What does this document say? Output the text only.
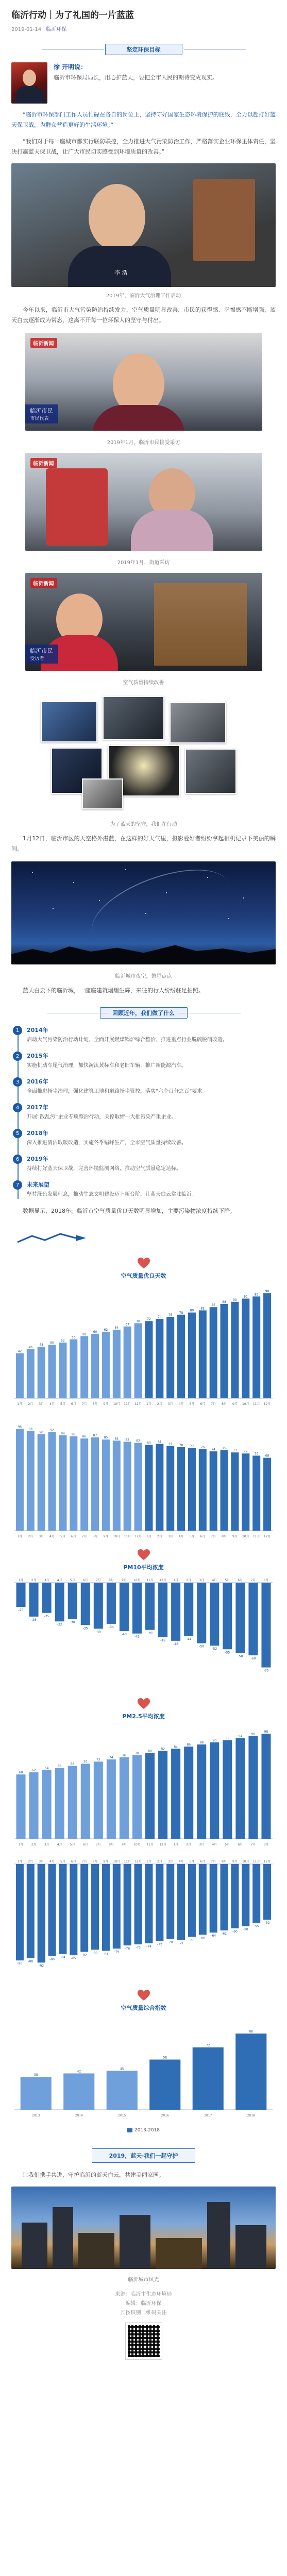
临沂行动｜为了礼国的一片蓝蓝
2019-01-14 临沂环保
坚定环保目标
徐 开明说：
临沂市环保局局长，用心护蓝天，要把全市人民的期待变成现实。

“临沂市环保部门工作人员忙碌在各自的岗位上，坚持守好国家生态环境保护的底线，全力以赴打好蓝天保卫战，为群众营造更好的生活环境。”

“我们对于每一座城市都实行联防联控，全力推进大气污染防治工作，严格落实企业环保主体责任，坚决打赢蓝天保卫战，让广大市民切实感受到环境质量的改善。”

李 浩
2019年，临沂大气治理工作启动

今年以来，临沂市大气污染防治持续发力，空气质量明显改善，市民的获得感、幸福感不断增强，蓝天白云逐渐成为常态，这离不开每一位环保人的坚守与付出。

临沂新闻
临沂市民
市民代表
2019年1月，临沂市民接受采访
临沂新闻
2019年1月，街道采访
临沂新闻
临沂市民
受访者
空气质量持续改善
为了蓝天的坚守，我们在行动

1月12日，临沂市区的天空格外湛蓝，在这样的好天气里，摄影爱好者纷纷拿起相机记录下美丽的瞬间。

临沂城市夜空，繁星点点

蓝天白云下的临沂城，一座座建筑熠熠生辉，来往的行人纷纷驻足拍照。

回顾近年，我们做了什么
1	2014年
启动大气污染防治行动计划，全面开展燃煤锅炉综合整治，推进重点行业脱硫脱硝改造。
2	2015年
实施机动车尾气治理，加快淘汰黄标车和老旧车辆，推广新能源汽车。
3	2016年
全面推进扬尘治理，强化建筑工地和道路扬尘管控，落实“六个百分之百”要求。
4	2017年
开展“散乱污”企业专项整治行动，关停取缔一大批污染严重企业。
5	2018年
深入推进清洁取暖改造，实施冬季错峰生产，全市空气质量持续改善。
6	2019年
持续打好蓝天保卫战，完善环境监测网络，推动空气质量稳定达标。
7	未来展望
坚持绿色发展理念，推动生态文明建设迈上新台阶，让蓝天白云常驻临沂。

数据显示，2018年，临沂市空气质量优良天数明显增加，主要污染物浓度持续下降。

空气质量优良天数
1月
42
2月
46
3月
48
4月
50
5月
52
6月
55
7月
58
8月
60
9月
62
10月
64
11月
67
12月
70
1月
72
2月
74
3月
76
4月
78
5月
80
6月
82
7月
85
8月
88
9月
90
10月
93
11月
95
12月
98
1月
95
2月
93
3月
90
4月
92
5月
89
6月
88
7月
86
8月
87
9月
85
10月
84
11月
83
12月
82
1月
80
2月
81
3月
79
4月
78
5月
77
6月
76
7月
74
8月
75
9月
73
10月
72
11月
70
12月
68
PM10平均浓度
1月
-20
2月
-28
3月
-25
4月
-32
5月
-30
6月
-35
7月
-38
8月
-34
9月
-40
10月
-42
11月
-39
12月
-45
1月
-48
2月
-44
3月
-50
4月
-52
5月
-55
6月
-58
7月
-60
8月
-70
PM2.5平均浓度
1月
60
2月
62
3月
64
4月
66
5月
68
6月
70
7月
72
8月
74
9月
76
10月
78
11月
80
12月
82
1月
84
2月
86
3月
88
4月
90
5月
92
6月
94
7月
96
8月
98
1月
-90
2月
-88
3月
-92
4月
-86
5月
-84
6月
-85
7月
-82
8月
-80
9月
-81
10月
-79
11月
-76
12月
-75
1月
-74
2月
-72
3月
-70
4月
-71
5月
-68
6月
-66
7月
-64
8月
-62
9月
-60
10月
-58
11月
-55
12月
-52
空气质量综合指数
2013
38
2014
42
2015
45
2016
58
2017
72
2018
88
2013-2018
2019，蓝天·我们一起守护

让我们携手共进，守护临沂的蓝天白云，共建美丽家园。

临沂城市风光
来源：临沂市生态环境局
编辑：临沂环保
长按识别二维码关注
